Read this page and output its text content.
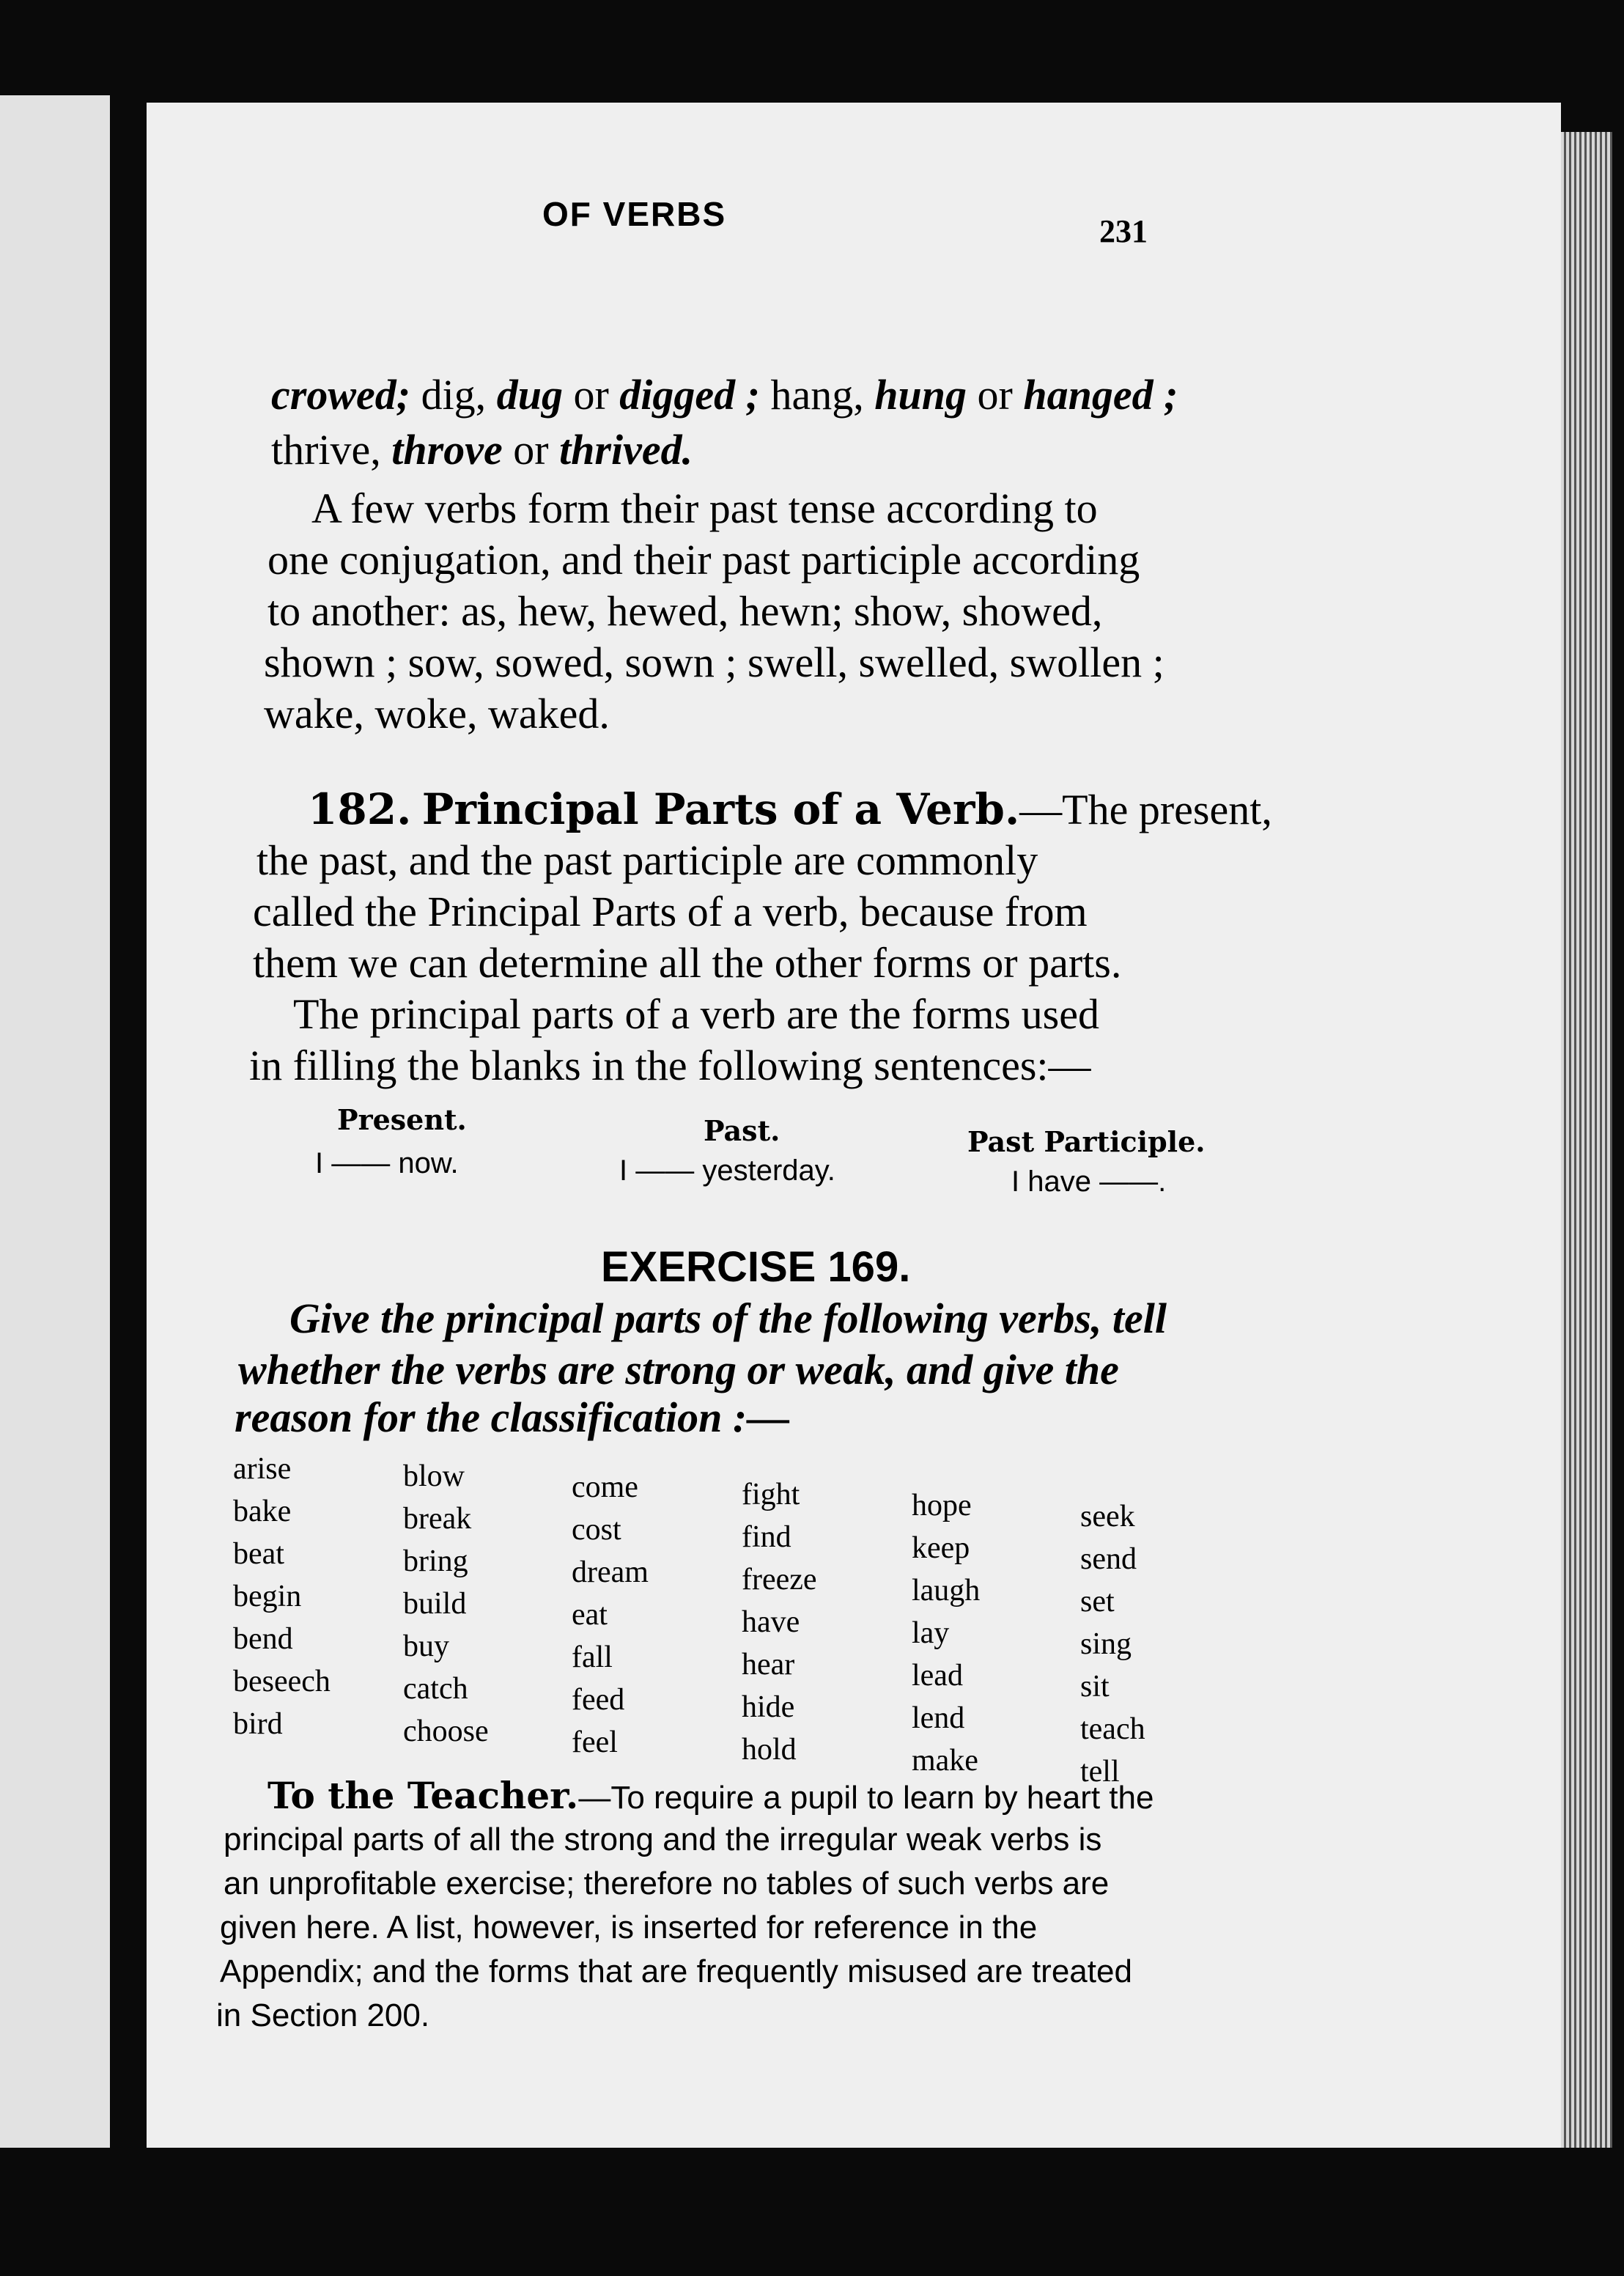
OF VERBS	231
crowed; dig, dug or digged ; hang, hung or hanged ;
thrive, throve or thrived.
A few verbs form their past tense according to
one conjugation, and their past participle according
to another: as, hew, hewed, hewn; show, showed,
shown ; sow, sowed, sown ; swell, swelled, swollen ;
wake, woke, waked.
182. Principal Parts of a Verb.—The present,
the past, and the past participle are commonly
called the Principal Parts of a verb, because from
them we can determine all the other forms or parts.
The principal parts of a verb are the forms used
in filling the blanks in the following sentences:—
Present.
I —— now.
Past.
I —— yesterday.
Past Participle.
I have ——.
EXERCISE 169.
Give the principal parts of the following verbs, tell
whether the verbs are strong or weak, and give the
reason for the classification :—
arise
bake
beat
begin
bend
beseech
bird
blow
break
bring
build
buy
catch
choose
come
cost
dream
eat
fall
feed
feel
fight
find
freeze
have
hear
hide
hold
hope
keep
laugh
lay
lead
lend
make
seek
send
set
sing
sit
teach
tell
To the Teacher.—To require a pupil to learn by heart the
principal parts of all the strong and the irregular weak verbs is
an unprofitable exercise; therefore no tables of such verbs are
given here. A list, however, is inserted for reference in the
Appendix; and the forms that are frequently misused are treated
in Section 200.
